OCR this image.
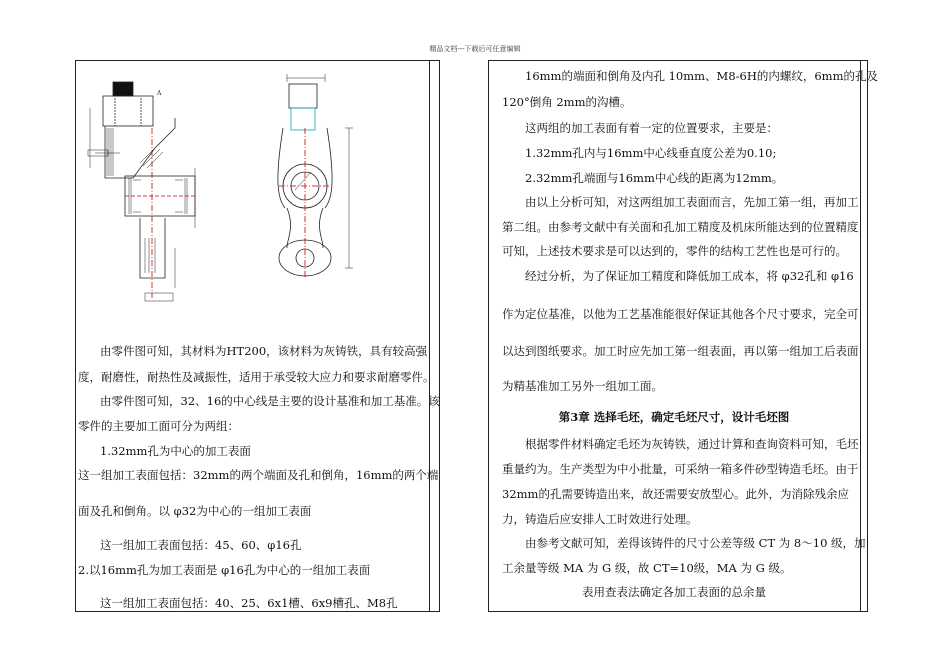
精品文档---下载后可任意编辑
A
由零件图可知，其材料为HT200，该材料为灰铸铁，具有较高强
度，耐磨性，耐热性及减振性，适用于承受较大应力和要求耐磨零件。
由零件图可知，32、16的中心线是主要的设计基准和加工基准。该
零件的主要加工面可分为两组：
1.32mm孔为中心的加工表面
这一组加工表面包括：32mm的两个端面及孔和倒角，16mm的两个端
面及孔和倒角。以 φ32为中心的一组加工表面
这一组加工表面包括：45、60、φ16孔
2.以16mm孔为加工表面是 φ16孔为中心的一组加工表面
这一组加工表面包括：40、25、6x1槽、6x9槽孔、M8孔
16mm的端面和倒角及内孔 10mm、M8-6H的内螺纹，6mm的孔及
120°倒角 2mm的沟槽。
这两组的加工表面有着一定的位置要求，主要是：
1.32mm孔内与16mm中心线垂直度公差为0.10;
2.32mm孔端面与16mm中心线的距离为12mm。
由以上分析可知，对这两组加工表面而言，先加工第一组，再加工
第二组。由参考文献中有关面和孔加工精度及机床所能达到的位置精度
可知，上述技术要求是可以达到的，零件的结构工艺性也是可行的。
经过分析，为了保证加工精度和降低加工成本，将 φ32孔和 φ16
作为定位基准，以他为工艺基准能很好保证其他各个尺寸要求，完全可
以达到图纸要求。加工时应先加工第一组表面，再以第一组加工后表面
为精基准加工另外一组加工面。
第3章 选择毛坯，确定毛坯尺寸，设计毛坯图
根据零件材料确定毛坯为灰铸铁，通过计算和查询资料可知，毛坯
重量约为。生产类型为中小批量，可采纳一箱多件砂型铸造毛坯。由于
32mm的孔需要铸造出来，故还需要安放型心。此外，为消除残余应
力，铸造后应安排人工时效进行处理。
由参考文献可知，差得该铸件的尺寸公差等级 CT 为 8～10 级，加
工余量等级 MA 为 G 级，故 CT=10级，MA 为 G 级。
表用查表法确定各加工表面的总余量
